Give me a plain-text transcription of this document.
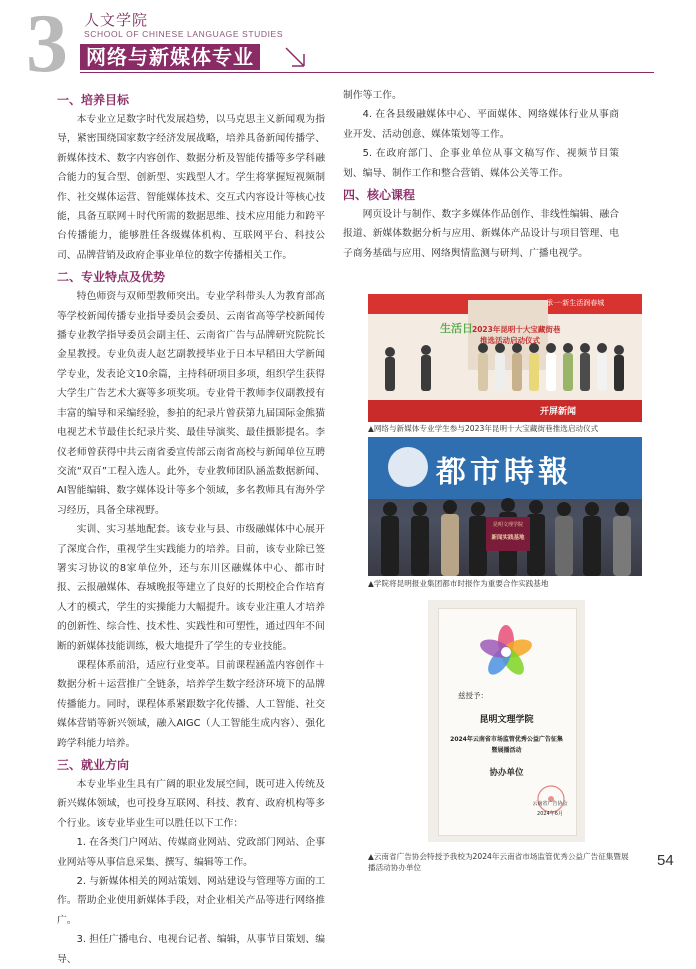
3 人文学院
SCHOOL OF CHINESE LANGUAGE STUDIES
网络与新媒体专业
一、培养目标

本专业立足数字时代发展趋势，以马克思主义新闻观为指导，紧密围绕国家数字经济发展战略，培养具备新闻传播学、新媒体技术、数字内容创作、数据分析及智能传播等多学科融合能力的复合型、创新型、实践型人才。学生将掌握短视频制作、社交媒体运营、智能媒体技术、交互式内容设计等核心技能，具备互联网＋时代所需的数据思维、技术应用能力和跨平台传播能力，能够胜任各级媒体机构、互联网平台、科技公司、品牌营销及政府企事业单位的数字传播相关工作。

二、专业特点及优势

特色师资与双师型教师突出。专业学科带头人为教育部高等学校新闻传播专业指导委员会委员、云南省高等学校新闻传播专业教学指导委员会副主任、云南省广告与品牌研究院院长金星教授。专业负责人赵艺副教授毕业于日本早稻田大学新闻学专业，发表论文10余篇，主持科研项目多项，组织学生获得大学生广告艺术大赛等多项奖项。专业骨干教师李仪副教授有丰富的编导和采编经验，参拍的纪录片曾获第九届国际金熊猫电视艺术节最佳长纪录片奖、最佳导演奖、最佳摄影提名。李仪老师曾获得中共云南省委宣传部云南省高校与新闻单位互聘交流“双百”工程入选人。此外，专业教师团队涵盖数据新闻、AI智能编辑、数字媒体设计等多个领域，多名教师具有海外学习经历，具备全球视野。

实训、实习基地配套。该专业与县、市级融媒体中心展开了深度合作，重视学生实践能力的培养。目前，该专业除已签署实习协议的8家单位外，还与东川区融媒体中心、都市时报、云报融媒体、春城晚报等建立了良好的长期校企合作培育人才的模式，学生的实操能力大幅提升。该专业注重人才培养的创新性、综合性、技术性、实践性和可塑性，通过四年不间断的新媒体技能训练，极大地提升了学生的专业技能。

课程体系前沿，适应行业变革。目前课程涵盖内容创作＋数据分析＋运营推广全链条，培养学生数字经济环境下的品牌传播能力。同时，课程体系紧跟数字化传播、人工智能、社交媒体营销等新兴领域，融入AIGC（人工智能生成内容）、强化跨学科能力培养。

三、就业方向

本专业毕业生具有广阔的职业发展空间，既可进入传统及新兴媒体领域，也可投身互联网、科技、教育、政府机构等多个行业。该专业毕业生可以胜任以下工作：

1. 在各类门户网站、传媒商业网站、党政部门网站、企事业网站等从事信息采集、撰写、编辑等工作。

2. 与新媒体相关的网站策划、网站建设与管理等方面的工作。帮助企业使用新媒体手段，对企业相关产品等进行网络推广。

3. 担任广播电台、电视台记者、编辑，从事节目策划、编导、

制作等工作。

4. 在各县级融媒体中心、平面媒体、网络媒体行业从事商业开发、活动创意、媒体策划等工作。

5. 在政府部门、企事业单位从事文稿写作、视频节目策划、编导、制作工作和整合营销、媒体公关等工作。

四、核心课程

网页设计与制作、数字多媒体作品创作、非线性编辑、融合报道、新媒体数据分析与应用、新媒体产品设计与项目管理、电子商务基础与应用、网络舆情监测与研判、广播电视学。

承一·新生活润春城
生活日 2023年昆明十大宝藏街巷
推选活动启动仪式
开屏新闻
▲网络与新媒体专业学生参与2023年昆明十大宝藏街巷推选启动仪式
都市時報
昆明文理学院
新闻实践基地
▲学院将昆明报业集团都市时报作为重要合作实践基地
兹授予：
昆明文理学院
2024年云南省市场监管优秀公益广告征集
暨展播活动
协办单位
云南省广告协会
2024年6月
▲云南省广告协会特授予我校为2024年云南省市场监管优秀公益广告征集暨展播活动协办单位	54
